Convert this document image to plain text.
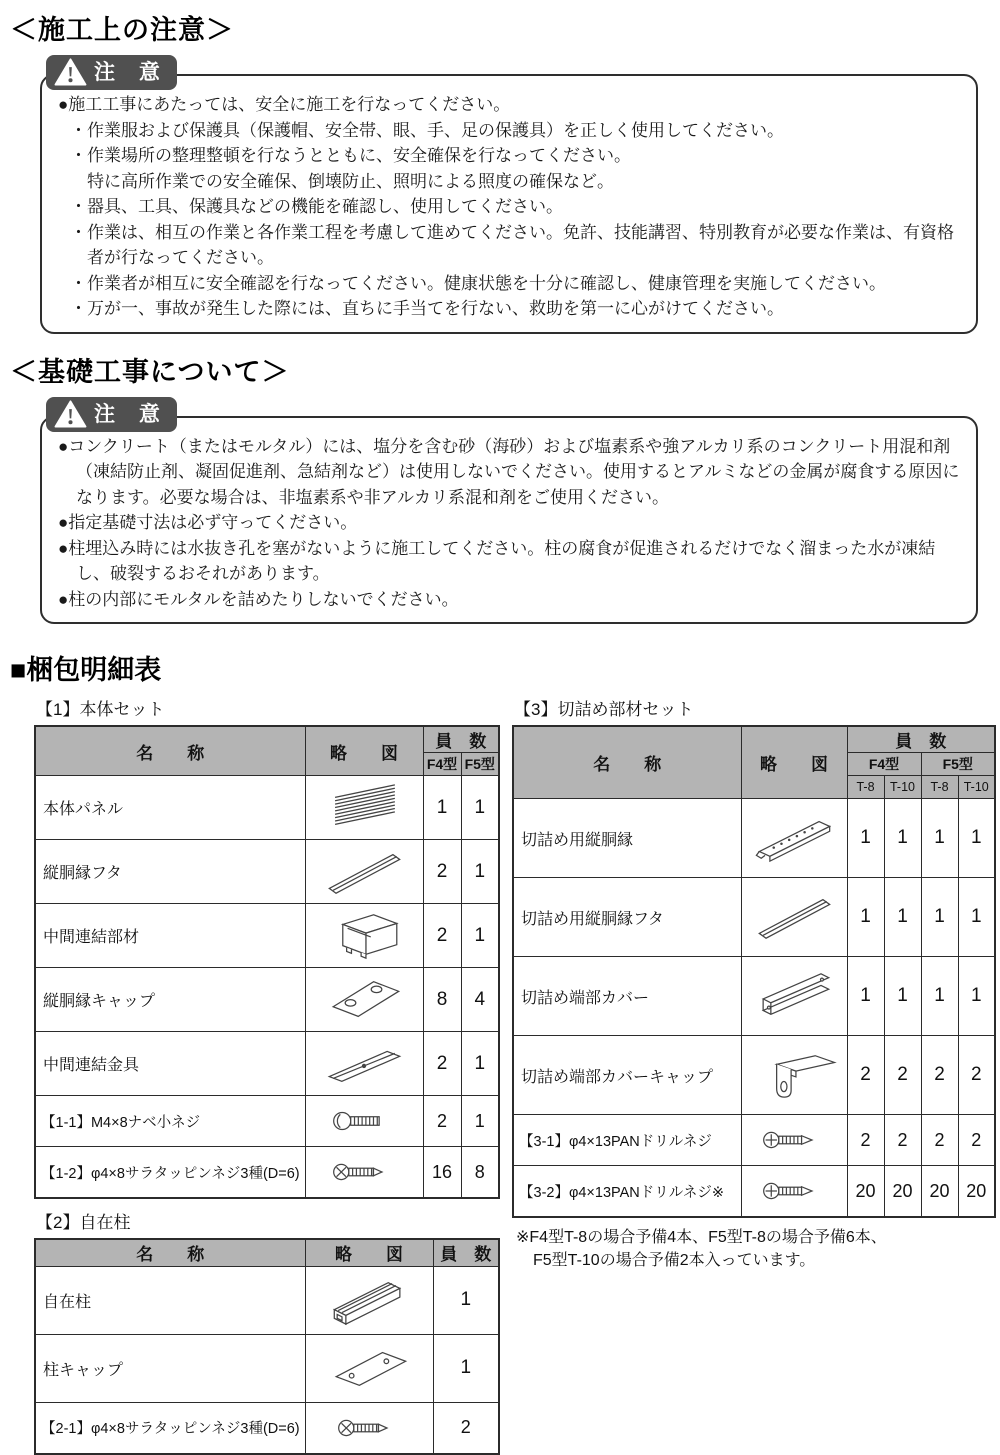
＜施工上の注意＞
注 意
●施工工事にあたっては、安全に施工を行なってください。
・作業服および保護具（保護帽、安全帯、眼、手、足の保護具）を正しく使用してください。
・作業場所の整理整頓を行なうとともに、安全確保を行なってください。
特に高所作業での安全確保、倒壊防止、照明による照度の確保など。
・器具、工具、保護具などの機能を確認し、使用してください。
・作業は、相互の作業と各作業工程を考慮して進めてください。免許、技能講習、特別教育が必要な作業は、有資格者が行なってください。
・作業者が相互に安全確認を行なってください。健康状態を十分に確認し、健康管理を実施してください。
・万が一、事故が発生した際には、直ちに手当てを行ない、救助を第一に心がけてください。
＜基礎工事について＞
注 意
●コンクリート（またはモルタル）には、塩分を含む砂（海砂）および塩素系や強アルカリ系のコンクリート用混和剤（凍結防止剤、凝固促進剤、急結剤など）は使用しないでください。使用するとアルミなどの金属が腐食する原因になります。必要な場合は、非塩素系や非アルカリ系混和剤をご使用ください。
●指定基礎寸法は必ず守ってください。
●柱埋込み時には水抜き孔を塞がないように施工してください。柱の腐食が促進されるだけでなく溜まった水が凍結し、破裂するおそれがあります。
●柱の内部にモルタルを詰めたりしないでください。
■梱包明細表
【1】本体セット
名　　称	略　　図	員　数	
		F4型	F5型
本体パネル		1	1
縦胴縁フタ		2	1
中間連結部材		2	1
縦胴縁キャップ		8	4
中間連結金具		2	1
【1-1】M4×8ナベ小ネジ		2	1
【1-2】φ4×8サラタッピンネジ3種(D=6)		16	8
【2】自在柱
名　　称	略　　図	員　数
自在柱		1
柱キャップ		1
【2-1】φ4×8サラタッピンネジ3種(D=6)		2
【3】切詰め部材セット
名　　称	略　　図	員　数			
		F4型		F5型	
		T-8	T-10	T-8	T-10
切詰め用縦胴縁		1	1	1	1
切詰め用縦胴縁フタ		1	1	1	1
切詰め端部カバー		1	1	1	1
切詰め端部カバーキャップ		2	2	2	2
【3-1】φ4×13PANドリルネジ		2	2	2	2
【3-2】φ4×13PANドリルネジ※		20	20	20	20
※F4型T-8の場合予備4本、F5型T-8の場合予備6本、
F5型T-10の場合予備2本入っています。
